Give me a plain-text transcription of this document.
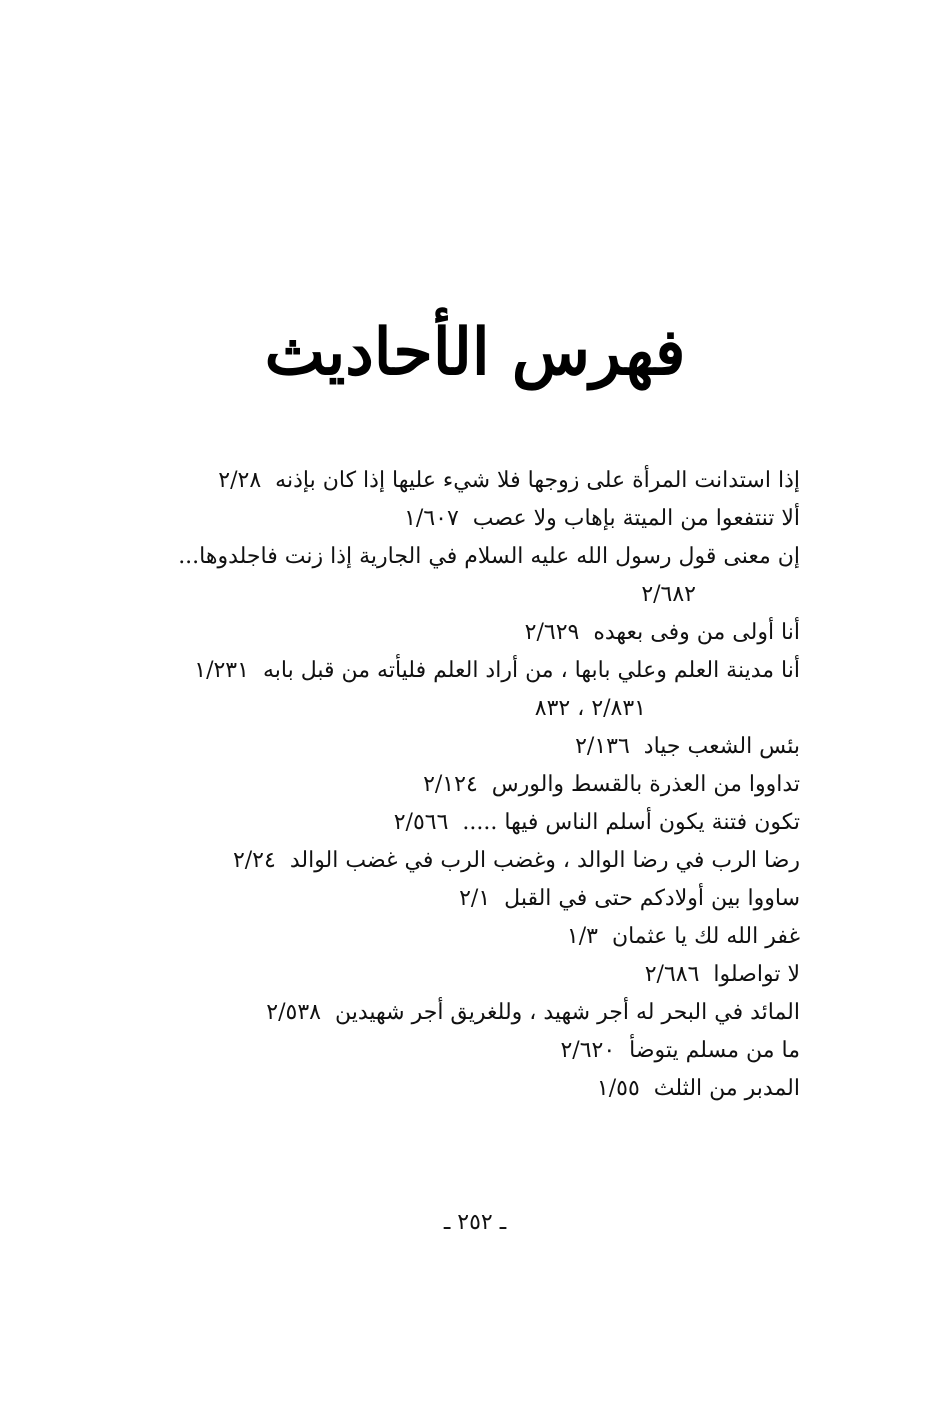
فهرس الأحاديث
إذا استدانت المرأة على زوجها فلا شيء عليها إذا كان بإذنه٢/٢٨
ألا تنتفعوا من الميتة بإهاب ولا عصب١/٦٠٧
إن معنى قول رسول الله عليه السلام في الجارية إذا زنت فاجلدوها...
٢/٦٨٢
أنا أولى من وفى بعهده٢/٦٢٩
أنا مدينة العلم وعلي بابها ، من أراد العلم فليأته من قبل بابه١/٢٣١
٢/٨٣١ ، ٨٣٢
بئس الشعب جياد٢/١٣٦
تداووا من العذرة بالقسط والورس٢/١٢٤
تكون فتنة يكون أسلم الناس فيها .....٢/٥٦٦
رضا الرب في رضا الوالد ، وغضب الرب في غضب الوالد٢/٢٤
ساووا بين أولادكم حتى في القبل٢/١
غفر الله لك يا عثمان١/٣
لا تواصلوا٢/٦٨٦
المائد في البحر له أجر شهيد ، وللغريق أجر شهيدين٢/٥٣٨
ما من مسلم يتوضأ٢/٦٢٠
المدبر من الثلث١/٥٥
ـ ٢٥٢ ـ
